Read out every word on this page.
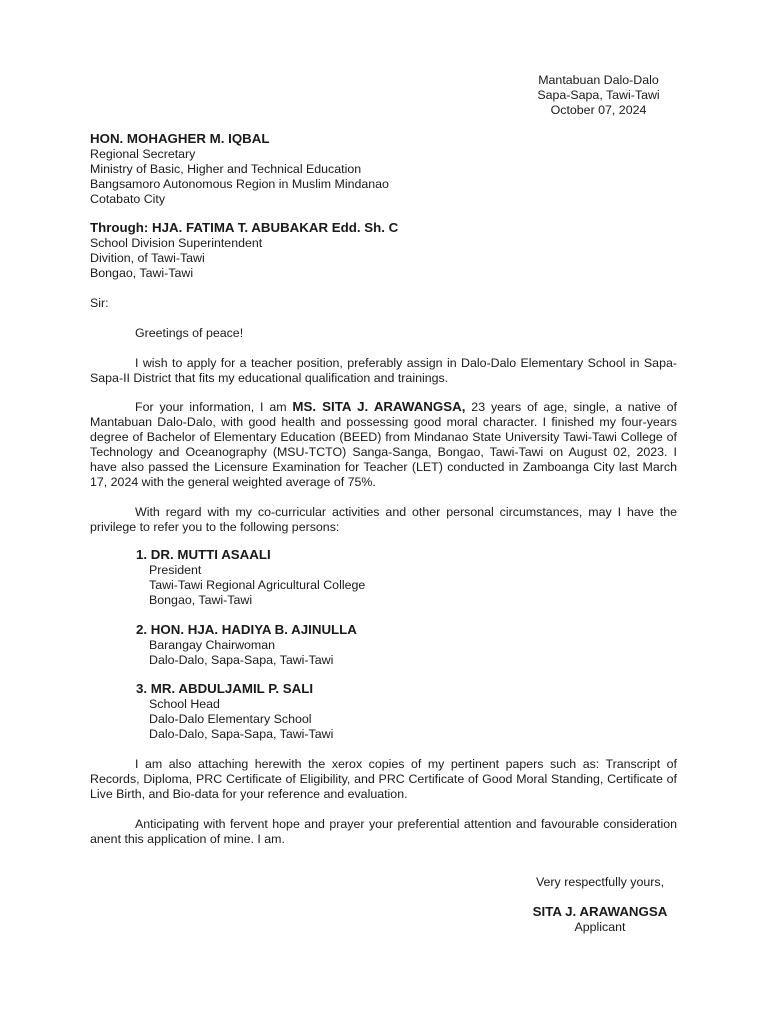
Mantabuan Dalo-Dalo
Sapa-Sapa, Tawi-Tawi
October 07, 2024
HON. MOHAGHER M. IQBAL
Regional Secretary
Ministry of Basic, Higher and Technical Education
Bangsamoro Autonomous Region in Muslim Mindanao
Cotabato City
Through: HJA. FATIMA T. ABUBAKAR Edd. Sh. C
School Division Superintendent
Divition, of Tawi-Tawi
Bongao, Tawi-Tawi
Sir:

Greetings of peace!

I wish to apply for a teacher position, preferably assign in Dalo-Dalo Elementary School in Sapa-Sapa-II District that fits my educational qualification and trainings.

For your information, I am MS. SITA J. ARAWANGSA, 23 years of age, single, a native of Mantabuan Dalo-Dalo, with good health and possessing good moral character. I finished my four-years degree of Bachelor of Elementary Education (BEED) from Mindanao State University Tawi-Tawi College of Technology and Oceanography (MSU-TCTO) Sanga-Sanga, Bongao, Tawi-Tawi on August 02, 2023. I have also passed the Licensure Examination for Teacher (LET) conducted in Zamboanga City last March 17, 2024 with the general weighted average of 75%.

With regard with my co-curricular activities and other personal circumstances, may I have the privilege to refer you to the following persons:

1. DR. MUTTI ASAALI
President
Tawi-Tawi Regional Agricultural College
Bongao, Tawi-Tawi
2. HON. HJA. HADIYA B. AJINULLA
Barangay Chairwoman
Dalo-Dalo, Sapa-Sapa, Tawi-Tawi
3. MR. ABDULJAMIL P. SALI
School Head
Dalo-Dalo Elementary School
Dalo-Dalo, Sapa-Sapa, Tawi-Tawi

I am also attaching herewith the xerox copies of my pertinent papers such as: Transcript of Records, Diploma, PRC Certificate of Eligibility, and PRC Certificate of Good Moral Standing, Certificate of Live Birth, and Bio-data for your reference and evaluation.

Anticipating with fervent hope and prayer your preferential attention and favourable consideration anent this application of mine. I am.

Very respectfully yours,
SITA J. ARAWANGSA
Applicant
